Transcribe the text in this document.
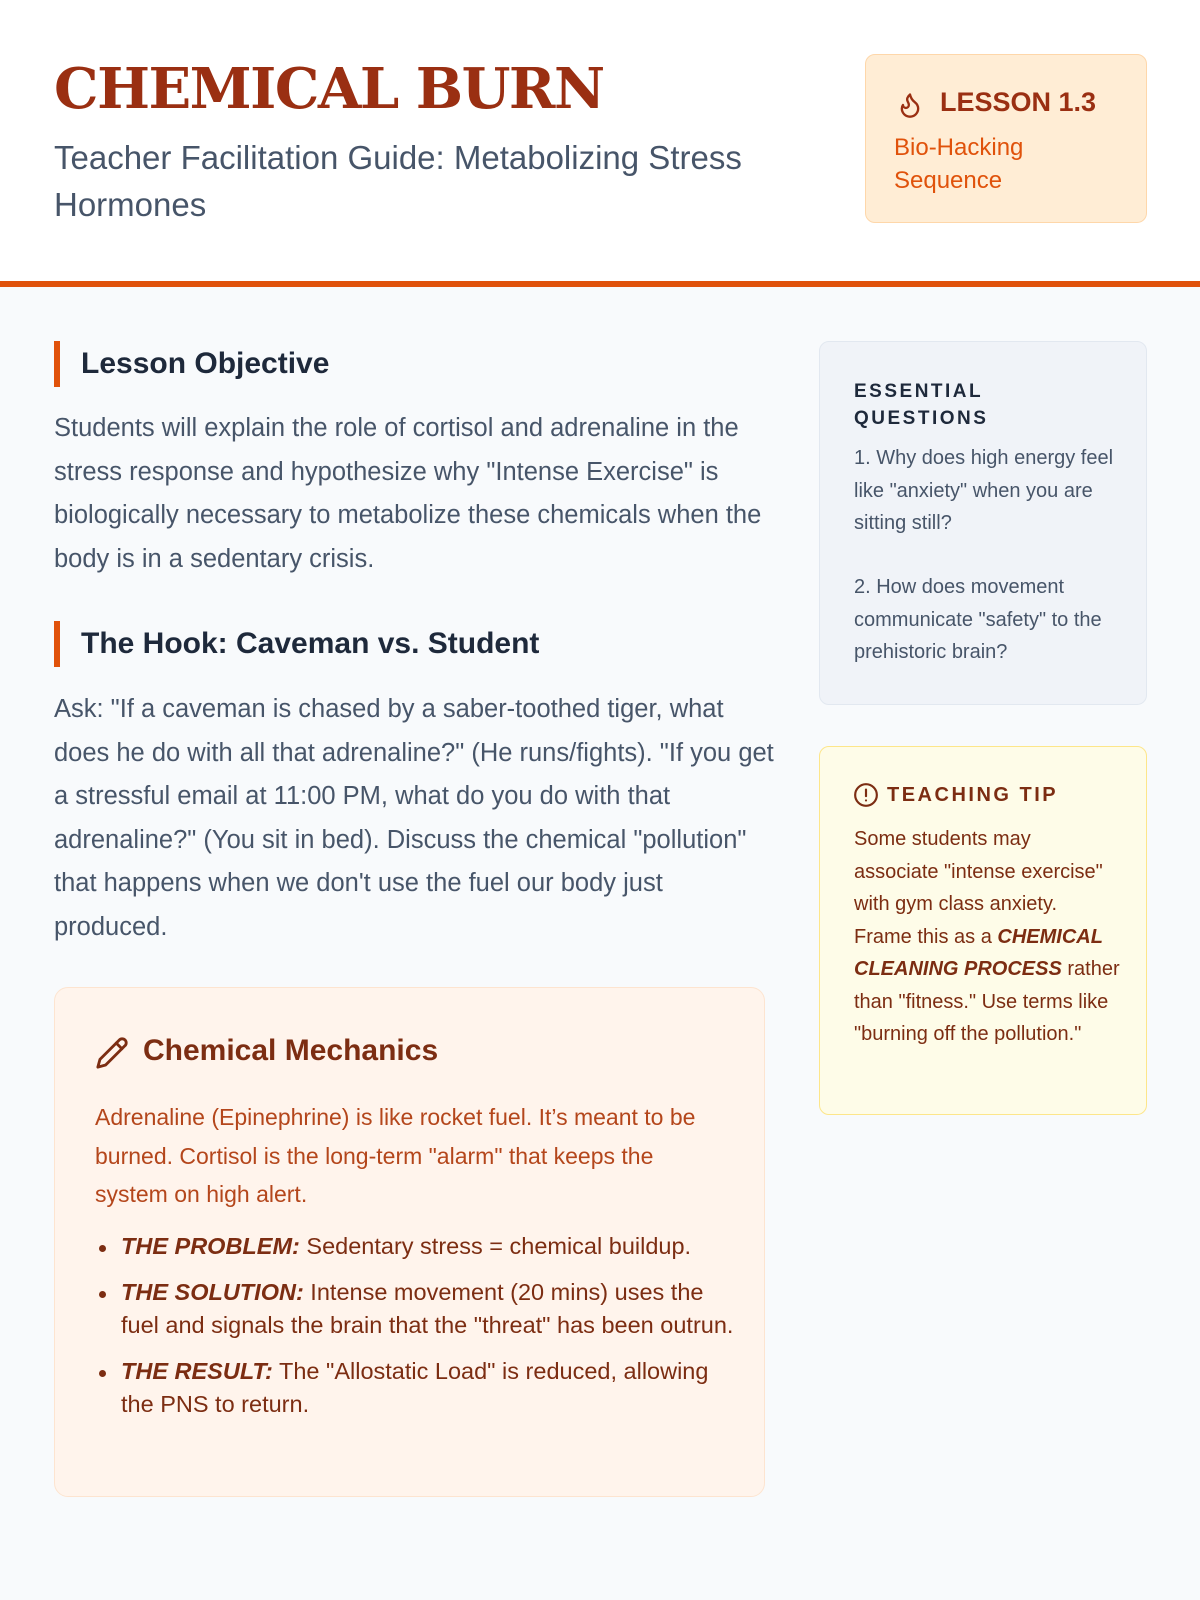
CHEMICAL BURN
Teacher Facilitation Guide: Metabolizing Stress Hormones
LESSON 1.3
Bio-Hacking Sequence
Lesson Objective

Students will explain the role of cortisol and adrenaline in the stress response and hypothesize why "Intense Exercise" is biologically necessary to metabolize these chemicals when the body is in a sedentary crisis.

The Hook: Caveman vs. Student

Ask: "If a caveman is chased by a saber-toothed tiger, what does he do with all that adrenaline?" (He runs/fights). "If you get a stressful email at 11:00 PM, what do you do with that adrenaline?" (You sit in bed). Discuss the chemical "pollution" that happens when we don't use the fuel our body just produced.

Chemical Mechanics

Adrenaline (Epinephrine) is like rocket fuel. It’s meant to be burned. Cortisol is the long-term "alarm" that keeps the system on high alert.

THE PROBLEM: Sedentary stress = chemical buildup.
THE SOLUTION: Intense movement (20 mins) uses the fuel and signals the brain that the "threat" has been outrun.
THE RESULT: The "Allostatic Load" is reduced, allowing the PNS to return.
ESSENTIAL QUESTIONS

1. Why does high energy feel like "anxiety" when you are sitting still?

2. How does movement communicate "safety" to the prehistoric brain?

TEACHING TIP

Some students may associate "intense exercise" with gym class anxiety. Frame this as a CHEMICAL CLEANING PROCESS rather than "fitness." Use terms like "burning off the pollution."
